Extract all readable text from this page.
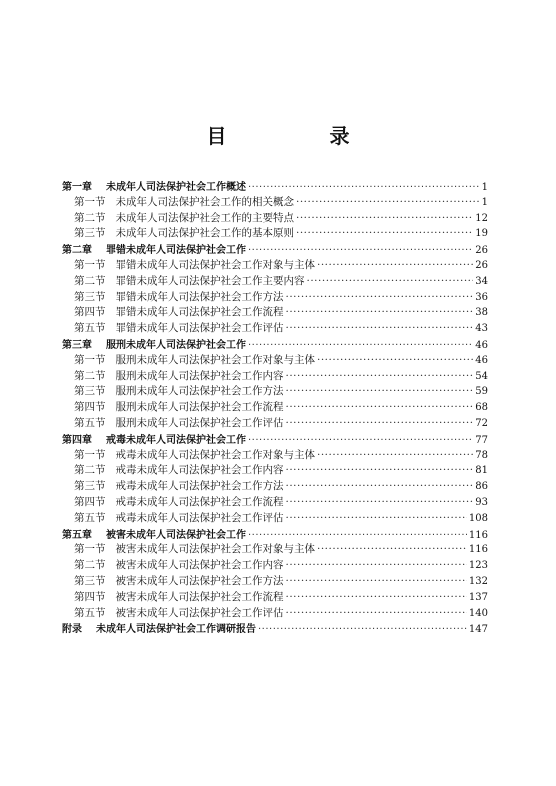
目 录
第一章 未成年人司法保护社会工作概述 ·····	1
第一节 未成年人司法保护社会工作的相关概念 ·····	1
第二节 未成年人司法保护社会工作的主要特点 ·····	12
第三节 未成年人司法保护社会工作的基本原则 ·····	19
第二章 罪错未成年人司法保护社会工作 ·····	26
第一节 罪错未成年人司法保护社会工作对象与主体 ·····	26
第二节 罪错未成年人司法保护社会工作主要内容 ·····	34
第三节 罪错未成年人司法保护社会工作方法 ·····	36
第四节 罪错未成年人司法保护社会工作流程 ·····	38
第五节 罪错未成年人司法保护社会工作评估 ·····	43
第三章 服刑未成年人司法保护社会工作 ·····	46
第一节 服刑未成年人司法保护社会工作对象与主体 ·····	46
第二节 服刑未成年人司法保护社会工作内容 ·····	54
第三节 服刑未成年人司法保护社会工作方法 ·····	59
第四节 服刑未成年人司法保护社会工作流程 ·····	68
第五节 服刑未成年人司法保护社会工作评估 ·····	72
第四章 戒毒未成年人司法保护社会工作 ·····	77
第一节 戒毒未成年人司法保护社会工作对象与主体 ·····	78
第二节 戒毒未成年人司法保护社会工作内容 ·····	81
第三节 戒毒未成年人司法保护社会工作方法 ·····	86
第四节 戒毒未成年人司法保护社会工作流程 ·····	93
第五节 戒毒未成年人司法保护社会工作评估 ·····	108
第五章 被害未成年人司法保护社会工作 ·····	116
第一节 被害未成年人司法保护社会工作对象与主体 ·····	116
第二节 被害未成年人司法保护社会工作内容 ·····	123
第三节 被害未成年人司法保护社会工作方法 ·····	132
第四节 被害未成年人司法保护社会工作流程 ·····	137
第五节 被害未成年人司法保护社会工作评估 ·····	140
附录 未成年人司法保护社会工作调研报告 ·····	147
